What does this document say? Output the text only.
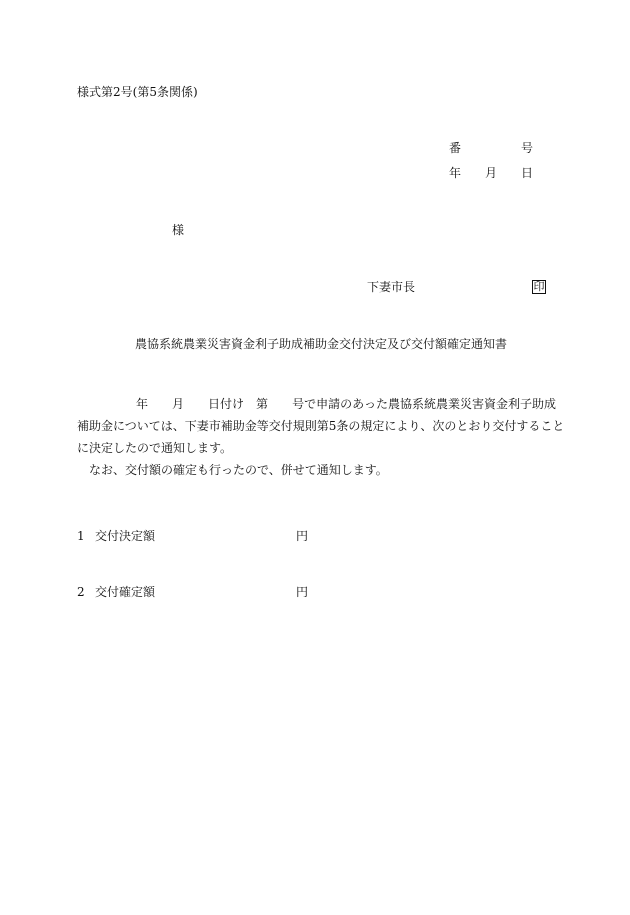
様式第2号(第5条関係)
番	号
年 月 日
様
下妻市長	印
農協系統農業災害資金利子助成補助金交付決定及び交付額確定通知書

年 月 日付け 第 号で申請のあった農協系統農業災害資金利子助成

補助金については、下妻市補助金等交付規則第5条の規定により、次のとおり交付すること

に決定したので通知します。

なお、交付額の確定も行ったので、併せて通知します。

1 交付決定額	円
2 交付確定額	円
